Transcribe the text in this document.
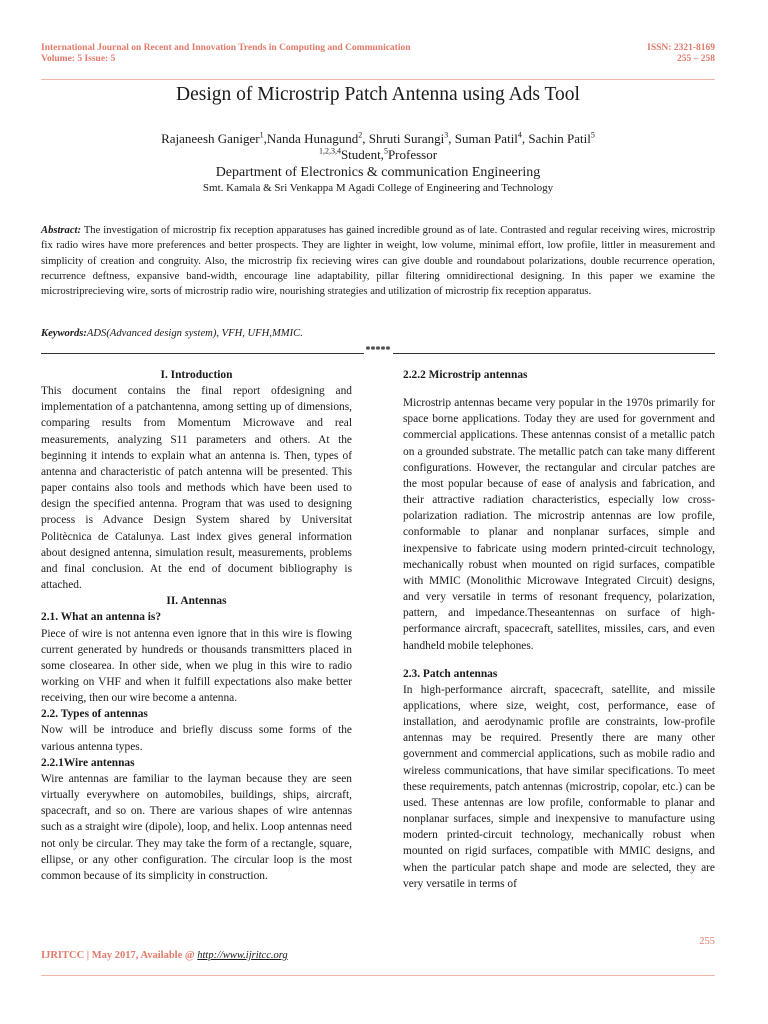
International Journal on Recent and Innovation Trends in Computing and Communication
Volume: 5 Issue: 5
ISSN: 2321-8169
255 – 258
Design of Microstrip Patch Antenna using Ads Tool
Rajaneesh Ganiger$^1$,Nanda Hunagund$^2$, Shruti Surangi$^3$, Suman Patil$^4$, Sachin Patil$^5$
$^{1,2,3,4}$Student,$^5$Professor
Department of Electronics & communication Engineering
Smt. Kamala & Sri Venkappa M Agadi College of Engineering and Technology
Abstract: The investigation of microstrip fix reception apparatuses has gained incredible ground as of late. Contrasted and regular receiving wires, microstrip fix radio wires have more preferences and better prospects. They are lighter in weight, low volume, minimal effort, low profile, littler in measurement and simplicity of creation and congruity. Also, the microstrip fix recieving wires can give double and roundabout polarizations, double recurrence operation, recurrence deftness, expansive band-width, encourage line adaptability, pillar filtering omnidirectional designing. In this paper we examine the microstriprecieving wire, sorts of microstrip radio wire, nourishing strategies and utilization of microstrip fix reception apparatus.
Keywords:ADS(Advanced design system), VFH, UFH,MMIC.
*****

I. Introduction

This document contains the final report ofdesigning and implementation of a patchantenna, among setting up of dimensions, comparing results from Momentum Microwave and real measurements, analyzing S11 parameters and others. At the beginning it intends to explain what an antenna is. Then, types of antenna and characteristic of patch antenna will be presented. This paper contains also tools and methods which have been used to design the specified antenna. Program that was used to designing process is Advance Design System shared by Universitat Politècnica de Catalunya. Last index gives general information about designed antenna, simulation result, measurements, problems and final conclusion. At the end of document bibliography is attached.

II. Antennas

2.1. What an antenna is?

Piece of wire is not antenna even ignore that in this wire is flowing current generated by hundreds or thousands transmitters placed in some closearea. In other side, when we plug in this wire to radio working on VHF and when it fulfill expectations also make better receiving, then our wire become a antenna.

2.2. Types of antennas

Now will be introduce and briefly discuss some forms of the various antenna types.

2.2.1Wire antennas

Wire antennas are familiar to the layman because they are seen virtually everywhere on automobiles, buildings, ships, aircraft, spacecraft, and so on. There are various shapes of wire antennas such as a straight wire (dipole), loop, and helix. Loop antennas need not only be circular. They may take the form of a rectangle, square, ellipse, or any other configuration. The circular loop is the most common because of its simplicity in construction.

2.2.2 Microstrip antennas

Microstrip antennas became very popular in the 1970s primarily for space borne applications. Today they are used for government and commercial applications. These antennas consist of a metallic patch on a grounded substrate. The metallic patch can take many different configurations. However, the rectangular and circular patches are the most popular because of ease of analysis and fabrication, and their attractive radiation characteristics, especially low cross-polarization radiation. The microstrip antennas are low profile, conformable to planar and nonplanar surfaces, simple and inexpensive to fabricate using modern printed-circuit technology, mechanically robust when mounted on rigid surfaces, compatible with MMIC (Monolithic Microwave Integrated Circuit) designs, and very versatile in terms of resonant frequency, polarization, pattern, and impedance.Theseantennas on surface of high-performance aircraft, spacecraft, satellites, missiles, cars, and even handheld mobile telephones.

2.3. Patch antennas

In high-performance aircraft, spacecraft, satellite, and missile applications, where size, weight, cost, performance, ease of installation, and aerodynamic profile are constraints, low-profile antennas may be required. Presently there are many other government and commercial applications, such as mobile radio and wireless communications, that have similar specifications. To meet these requirements, patch antennas (microstrip, copolar, etc.) can be used. These antennas are low profile, conformable to planar and nonplanar surfaces, simple and inexpensive to manufacture using modern printed-circuit technology, mechanically robust when mounted on rigid surfaces, compatible with MMIC designs, and when the particular patch shape and mode are selected, they are very versatile in terms of

255
IJRITCC | May 2017, Available @ http://www.ijritcc.org
